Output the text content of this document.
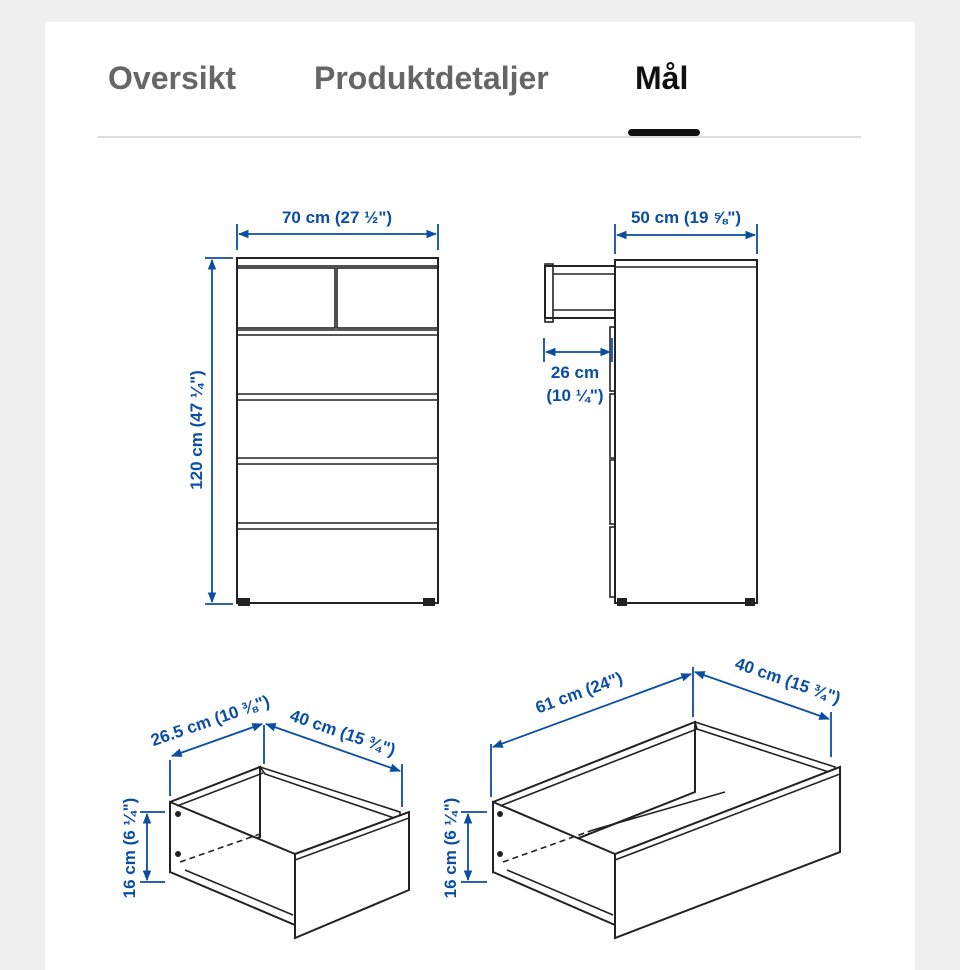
Oversikt Produktdetaljer	Mål
70 cm (27 ½")
120 cm (47 ¼")
50 cm (19 ⅝")
26 cm
(10 ¼")
26.5 cm (10 ⅜") 40 cm (15 ¾")
16 cm (6 ¼")
61 cm (24")	40 cm (15 ¾")
16 cm (6 ¼")
